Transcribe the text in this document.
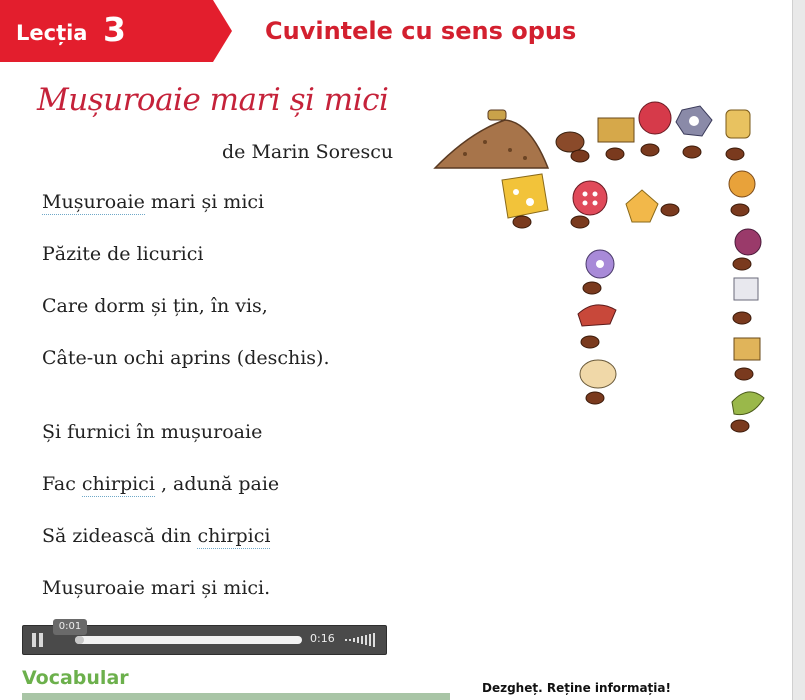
Lecția 3	Cuvintele cu sens opus
Mușuroaie mari și mici
de Marin Sorescu
Mușuroaie mari și mici
Păzite de licurici
Care dorm și țin, în vis,
Câte-un ochi aprins (deschis).
Și furnici în mușuroaie
Fac chirpici , adună paie
Să zidească din chirpici
Mușuroaie mari și mici.
0:01
0:16
Vocabular	Dezgheț. Reține informația!
